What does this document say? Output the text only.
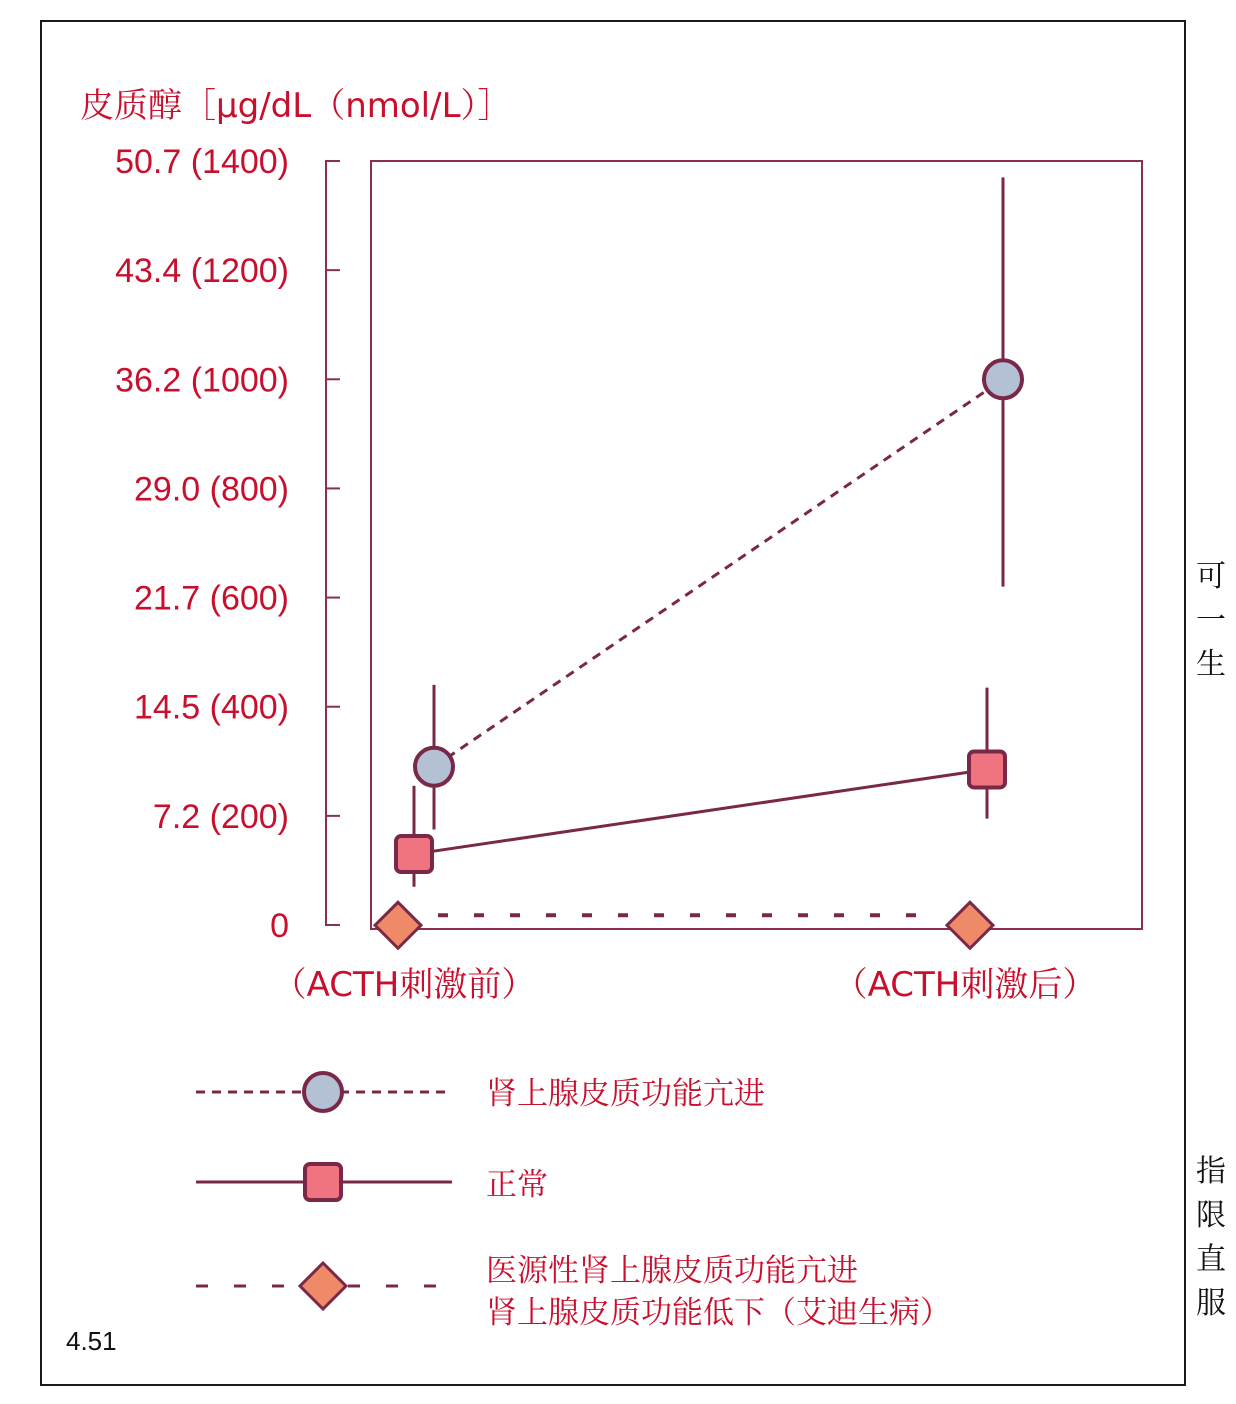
皮质醇［μg/dL（nmol/L）］
50.7 (1400)
43.4 (1200)
36.2 (1000)
29.0 (800)
21.7 (600)
14.5 (400)
7.2 (200)
0
（ACTH刺激前）	（ACTH刺激后）
肾上腺皮质功能亢进
正常
医源性肾上腺皮质功能亢进
肾上腺皮质功能低下（艾迪生病）
4.51
可
一
生
指
限
直
服
